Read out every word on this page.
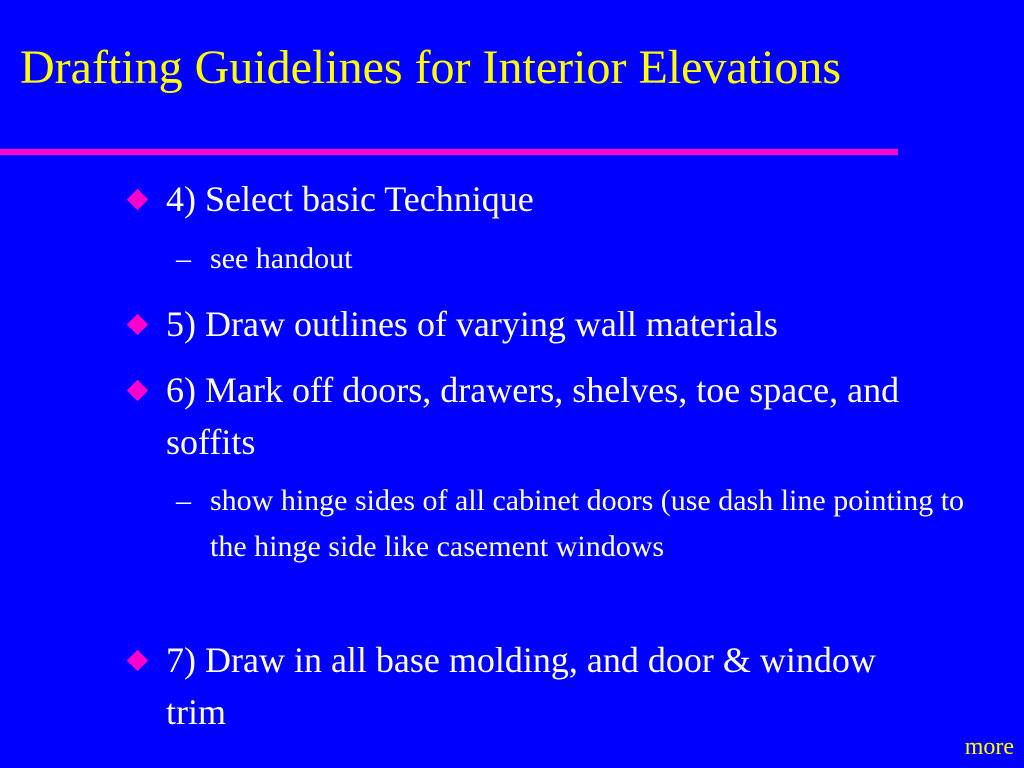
Drafting Guidelines for Interior Elevations
4) Select basic Technique
– see handout
5) Draw outlines of varying wall materials
6) Mark off doors, drawers, shelves, toe space, and soffits
– show hinge sides of all cabinet doors (use dash line pointing to the hinge side like casement windows
7) Draw in all base molding, and door & window trim
more
